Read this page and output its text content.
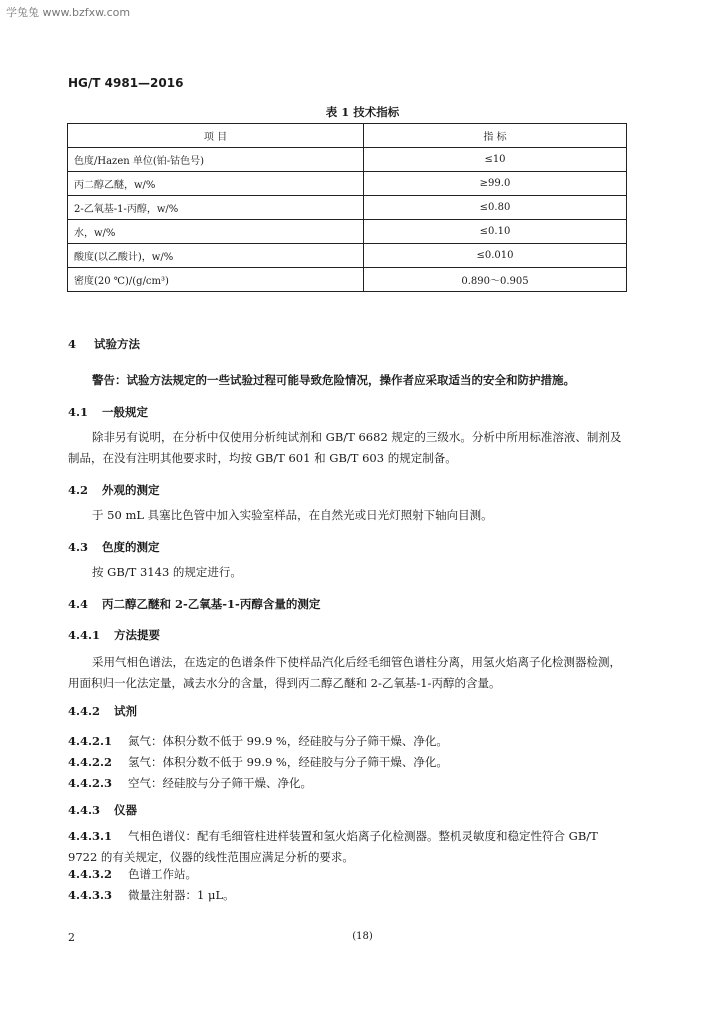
学兔兔 www.bzfxw.com
HG/T 4981—2016
表 1 技术指标
项 目	指 标
色度/Hazen 单位(铂-钴色号)	≤10
丙二醇乙醚，w/%	≥99.0
2-乙氧基-1-丙醇，w/%	≤0.80
水，w/%	≤0.10
酸度(以乙酸计)，w/%	≤0.010
密度(20 ℃)/(g/cm³)	0.890～0.905
4 试验方法
警告：试验方法规定的一些试验过程可能导致危险情况，操作者应采取适当的安全和防护措施。
4.1 一般规定
除非另有说明，在分析中仅使用分析纯试剂和 GB/T 6682 规定的三级水。分析中所用标准溶液、制剂及制品，在没有注明其他要求时，均按 GB/T 601 和 GB/T 603 的规定制备。
4.2 外观的测定
于 50 mL 具塞比色管中加入实验室样品，在自然光或日光灯照射下轴向目测。
4.3 色度的测定
按 GB/T 3143 的规定进行。
4.4 丙二醇乙醚和 2-乙氧基-1-丙醇含量的测定
4.4.1 方法提要
采用气相色谱法，在选定的色谱条件下使样品汽化后经毛细管色谱柱分离，用氢火焰离子化检测器检测，用面积归一化法定量，减去水分的含量，得到丙二醇乙醚和 2-乙氧基-1-丙醇的含量。
4.4.2 试剂
4.4.2.1 氮气：体积分数不低于 99.9 %，经硅胶与分子筛干燥、净化。
4.4.2.2 氢气：体积分数不低于 99.9 %，经硅胶与分子筛干燥、净化。
4.4.2.3 空气：经硅胶与分子筛干燥、净化。
4.4.3 仪器
4.4.3.1 气相色谱仪：配有毛细管柱进样装置和氢火焰离子化检测器。整机灵敏度和稳定性符合 GB/T 9722 的有关规定，仪器的线性范围应满足分析的要求。
4.4.3.2 色谱工作站。
4.4.3.3 微量注射器：1 μL。
2	(18)
